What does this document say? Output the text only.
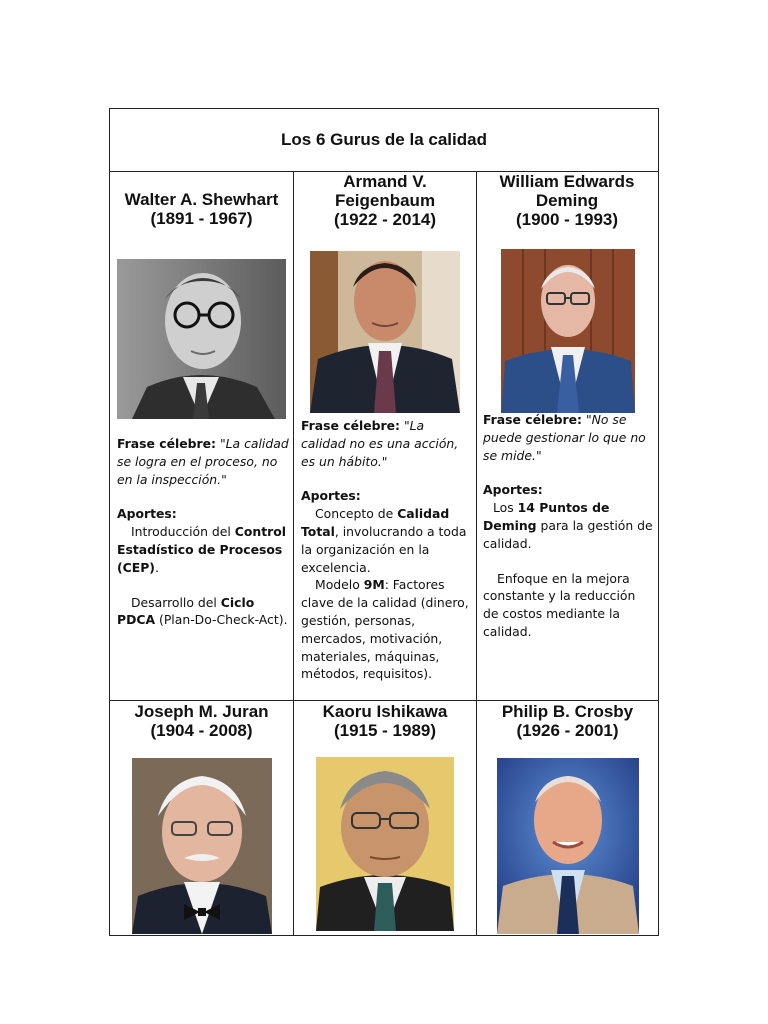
Los 6 Gurus de la calidad
Walter A. Shewhart
(1891 - 1967)

Frase célebre: "La calidad se logra en el proceso, no en la inspección."

Aportes:

Introducción del Control Estadístico de Procesos (CEP).

Desarrollo del Ciclo PDCA (Plan-Do-Check-Act).

Armand V. Feigenbaum
(1922 - 2014)

Frase célebre: "La calidad no es una acción, es un hábito."

Aportes:

Concepto de Calidad Total, involucrando a toda la organización en la excelencia.

Modelo 9M: Factores clave de la calidad (dinero, gestión, personas, mercados, motivación, materiales, máquinas, métodos, requisitos).

William Edwards Deming
(1900 - 1993)

Frase célebre: "No se puede gestionar lo que no se mide."

Aportes:

Los 14 Puntos de Deming para la gestión de calidad.

Enfoque en la mejora constante y la reducción de costos mediante la calidad.

Joseph M. Juran
(1904 - 2008)
Kaoru Ishikawa
(1915 - 1989)
Philip B. Crosby
(1926 - 2001)
